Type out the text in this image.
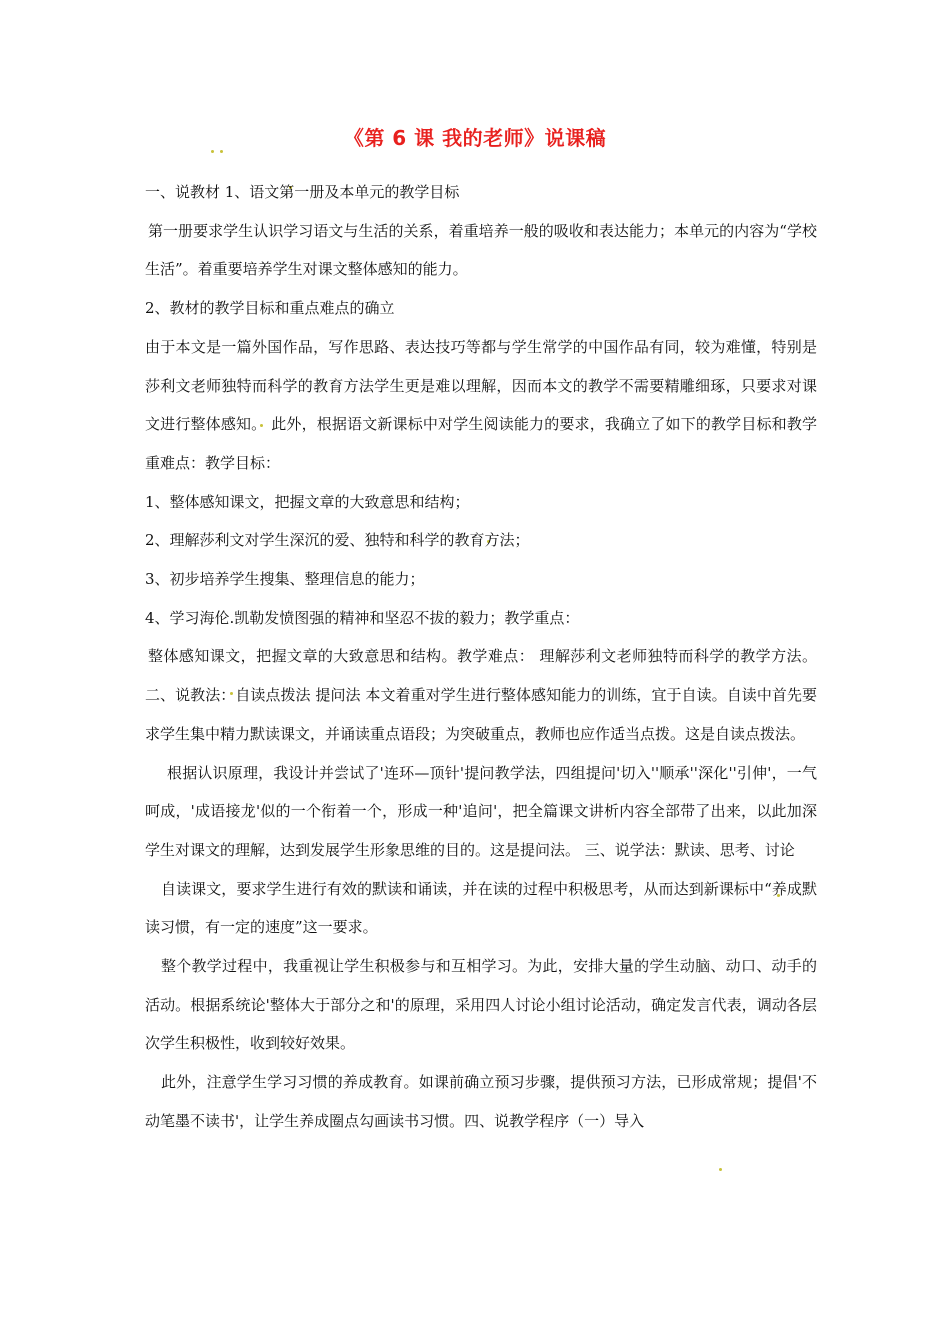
《第 6 课 我的老师》说课稿

一、说教材 1、语文第一册及本单元的教学目标

第一册要求学生认识学习语文与生活的关系，着重培养一般的吸收和表达能力；本单元的内容为“学校生活”。着重要培养学生对课文整体感知的能力。

2、教材的教学目标和重点难点的确立

由于本文是一篇外国作品，写作思路、表达技巧等都与学生常学的中国作品有同，较为难懂，特别是莎利文老师独特而科学的教育方法学生更是难以理解，因而本文的教学不需要精雕细琢，只要求对课文进行整体感知。 此外，根据语文新课标中对学生阅读能力的要求，我确立了如下的教学目标和教学重难点：教学目标：

1、整体感知课文，把握文章的大致意思和结构；

2、理解莎利文对学生深沉的爱、独特和科学的教育方法；

3、初步培养学生搜集、整理信息的能力；

4、学习海伦.凯勒发愤图强的精神和坚忍不拔的毅力；教学重点：

整体感知课文，把握文章的大致意思和结构。教学难点： 理解莎利文老师独特而科学的教学方法。二、说教法：自读点拨法 提问法 本文着重对学生进行整体感知能力的训练，宜于自读。自读中首先要求学生集中精力默读课文，并诵读重点语段；为突破重点，教师也应作适当点拨。这是自读点拨法。

根据认识原理，我设计并尝试了'连环—顶针'提问教学法，四组提问'切入''顺承''深化''引伸'，一气呵成，'成语接龙'似的一个衔着一个，形成一种'追问'，把全篇课文讲析内容全部带了出来，以此加深学生对课文的理解，达到发展学生形象思维的目的。这是提问法。 三、说学法：默读、思考、讨论

自读课文，要求学生进行有效的默读和诵读，并在读的过程中积极思考，从而达到新课标中“养成默读习惯，有一定的速度”这一要求。

整个教学过程中，我重视让学生积极参与和互相学习。为此，安排大量的学生动脑、动口、动手的活动。根据系统论'整体大于部分之和'的原理，采用四人讨论小组讨论活动，确定发言代表，调动各层次学生积极性，收到较好效果。

此外，注意学生学习习惯的养成教育。如课前确立预习步骤，提供预习方法，已形成常规；提倡'不动笔墨不读书'，让学生养成圈点勾画读书习惯。四、说教学程序（一）导入
